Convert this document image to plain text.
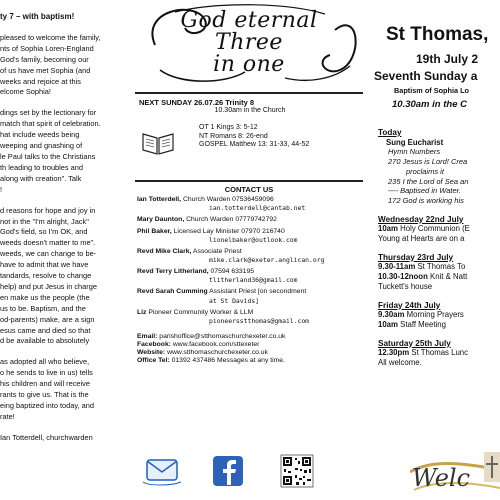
ty 7 – with baptism!

pleased to welcome the family,

nts of Sophia Loren-England

God's family, becoming our

of us have met Sophia (and

weeks and rejoice at this

elcome Sophia!

dings set by the lectionary for

match that spirit of celebration.

hat include weeds being

weeping and gnashing of

le Paul talks to the Christians

th leading to troubles and

along with creation". Talk

!

d reasons for hope and joy in

not in the "I'm alright, Jack"

God's field, so I'm OK, and

weeds doesn't matter to me".

weeds, we can change to be-

have to admit that we have

tandards, resolve to change

help) and put Jesus in charge

en make us the people (the

us to be. Baptism, and the

od-parents) make, are a sign

esus came and died so that

d be available to absolutely

as adopted all who believe,

o he sends to live in us) tells

his children and will receive

rants to give us. That is the

eing baptized into today, and

rate!

Ian Totterdell, churchwarden

God eternal
Three
in one
NEXT SUNDAY 26.07.26 Trinity 8
10.30am in the Church
OT 1 Kings 3: 5-12
NT Romans 8: 26-end
GOSPEL Matthew 13: 31-33, 44-52
CONTACT US

Ian Totterdell, Church Warden 07536459096

ian.totterdell@cantab.net

Mary Daunton, Church Warden 07779742792

Phil Baker, Licensed Lay Minister 07970 216740

lionelbaker@outlook.com

Revd Mike Clark, Associate Priest

mike.clark@exeter.anglican.org

Revd Terry Litherland, 07594 633195

tlitherland36@gmail.com

Revd Sarah Cumming Assistant Priest [on secondment

at St Davids]

Liz Pioneer Community Worker & LLM

pioneersstthomas@gmail.com

Email: parishoffice@stthomaschurchexeter.co.uk

Facebook: www.facebook.com/sttexeter

Website: www.stthomaschurchexeter.co.uk

Office Tel: 01392 437486 Messages at any time.

St Thomas,
19th July 2
Seventh Sunday a
Baptism of Sophia Lo
10.30am in the C

Today

Sung Eucharist

Hymn Numbers

270 Jesus is Lord! Crea

proclaims it

235 I the Lord of Sea an

---- Baptised in Water.

172 God is working his

Wednesday 22nd July

10am Holy Communion (E

Young at Hearts are on a

Thursday 23rd July

9.30-11am St Thomas To

10.30-12noon Knit & Natt

Tuckett's house

Friday 24th July

9.30am Morning Prayers

10am Staff Meeting

Saturday 25th July

12.30pm St Thomas Lunc

All welcome.

Welc
